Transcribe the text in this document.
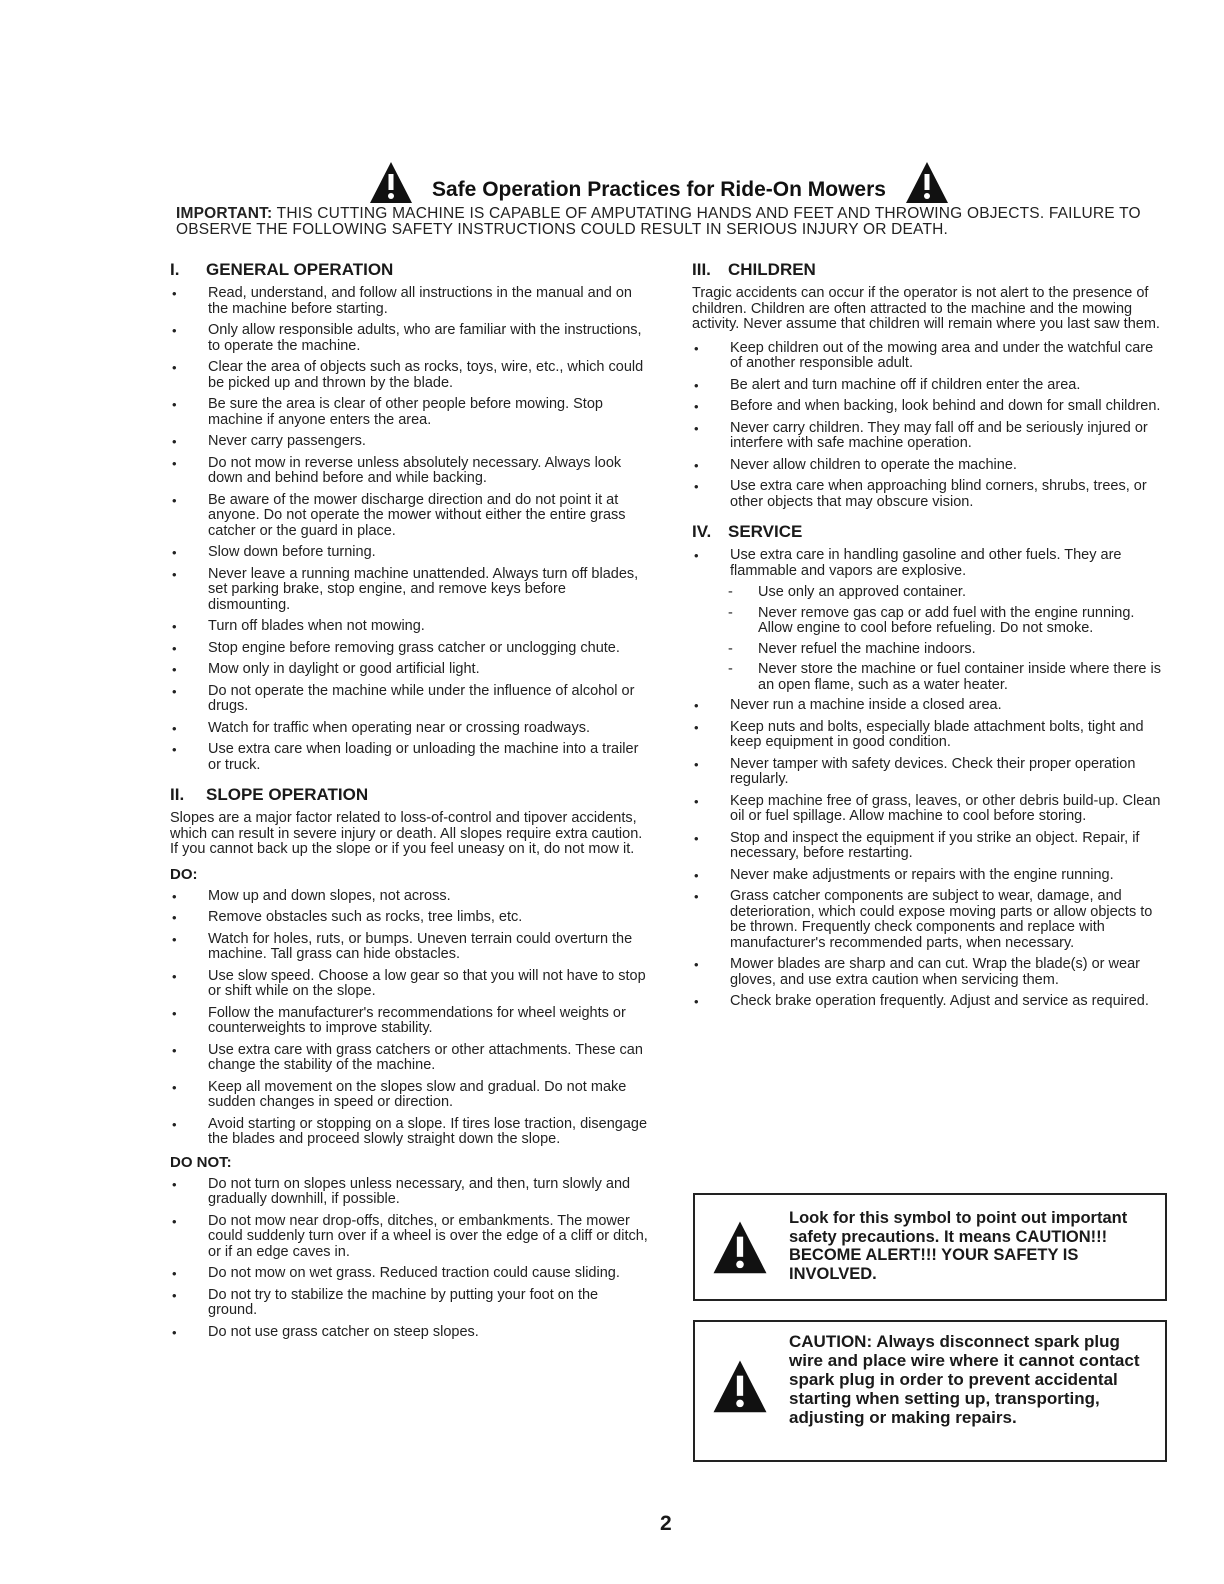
Safe Operation Practices for Ride-On Mowers
IMPORTANT: THIS CUTTING MACHINE IS CAPABLE OF AMPUTATING HANDS AND FEET AND THROWING OBJECTS. FAILURE TO OBSERVE THE FOLLOWING SAFETY INSTRUCTIONS COULD RESULT IN SERIOUS INJURY OR DEATH.
I.	GENERAL OPERATION
• Read, understand, and follow all instructions in the manual and on the machine before starting.
• Only allow responsible adults, who are familiar with the instructions, to operate the machine.
• Clear the area of objects such as rocks, toys, wire, etc., which could be picked up and thrown by the blade.
• Be sure the area is clear of other people before mowing. Stop machine if anyone enters the area.
• Never carry passengers.
• Do not mow in reverse unless absolutely necessary. Always look down and behind before and while backing.
• Be aware of the mower discharge direction and do not point it at anyone. Do not operate the mower without either the entire grass catcher or the guard in place.
• Slow down before turning.
• Never leave a running machine unattended. Always turn off blades, set parking brake, stop engine, and remove keys before dismounting.
• Turn off blades when not mowing.
• Stop engine before removing grass catcher or unclogging chute.
• Mow only in daylight or good artificial light.
• Do not operate the machine while under the influence of alcohol or drugs.
• Watch for traffic when operating near or crossing roadways.
• Use extra care when loading or unloading the machine into a trailer or truck.
II.	SLOPE OPERATION

Slopes are a major factor related to loss-of-control and tipover accidents, which can result in severe injury or death. All slopes require extra caution. If you cannot back up the slope or if you feel uneasy on it, do not mow it.

DO:
• Mow up and down slopes, not across.
• Remove obstacles such as rocks, tree limbs, etc.
• Watch for holes, ruts, or bumps. Uneven terrain could overturn the machine. Tall grass can hide obstacles.
• Use slow speed. Choose a low gear so that you will not have to stop or shift while on the slope.
• Follow the manufacturer's recommendations for wheel weights or counterweights to improve stability.
• Use extra care with grass catchers or other attachments. These can change the stability of the machine.
• Keep all movement on the slopes slow and gradual. Do not make sudden changes in speed or direction.
• Avoid starting or stopping on a slope. If tires lose traction, disengage the blades and proceed slowly straight down the slope.
DO NOT:
• Do not turn on slopes unless necessary, and then, turn slowly and gradually downhill, if possible.
• Do not mow near drop-offs, ditches, or embankments. The mower could suddenly turn over if a wheel is over the edge of a cliff or ditch, or if an edge caves in.
• Do not mow on wet grass. Reduced traction could cause sliding.
• Do not try to stabilize the machine by putting your foot on the ground.
• Do not use grass catcher on steep slopes.
III. CHILDREN

Tragic accidents can occur if the operator is not alert to the presence of children. Children are often attracted to the machine and the mowing activity. Never assume that children will remain where you last saw them.

• Keep children out of the mowing area and under the watchful care of another responsible adult.
• Be alert and turn machine off if children enter the area.
• Before and when backing, look behind and down for small children.
• Never carry children. They may fall off and be seriously injured or interfere with safe machine operation.
• Never allow children to operate the machine.
• Use extra care when approaching blind corners, shrubs, trees, or other objects that may obscure vision.
IV. SERVICE
• Use extra care in handling gasoline and other fuels. They are flammable and vapors are explosive.
- Use only an approved container.
- Never remove gas cap or add fuel with the engine running. Allow engine to cool before refueling. Do not smoke.
- Never refuel the machine indoors.
- Never store the machine or fuel container inside where there is an open flame, such as a water heater.
• Never run a machine inside a closed area.
• Keep nuts and bolts, especially blade attachment bolts, tight and keep equipment in good condition.
• Never tamper with safety devices. Check their proper operation regularly.
• Keep machine free of grass, leaves, or other debris build-up. Clean oil or fuel spillage. Allow machine to cool before storing.
• Stop and inspect the equipment if you strike an object. Repair, if necessary, before restarting.
• Never make adjustments or repairs with the engine running.
• Grass catcher components are subject to wear, damage, and deterioration, which could expose moving parts or allow objects to be thrown. Frequently check components and replace with manufacturer's recommended parts, when necessary.
• Mower blades are sharp and can cut. Wrap the blade(s) or wear gloves, and use extra caution when servicing them.
• Check brake operation frequently. Adjust and service as required.
Look for this symbol to point out important safety precautions. It means CAUTION!!! BECOME ALERT!!! YOUR SAFETY IS INVOLVED.
CAUTION: Always disconnect spark plug wire and place wire where it cannot contact spark plug in order to prevent accidental starting when setting up, transporting, adjusting or making repairs.
2
